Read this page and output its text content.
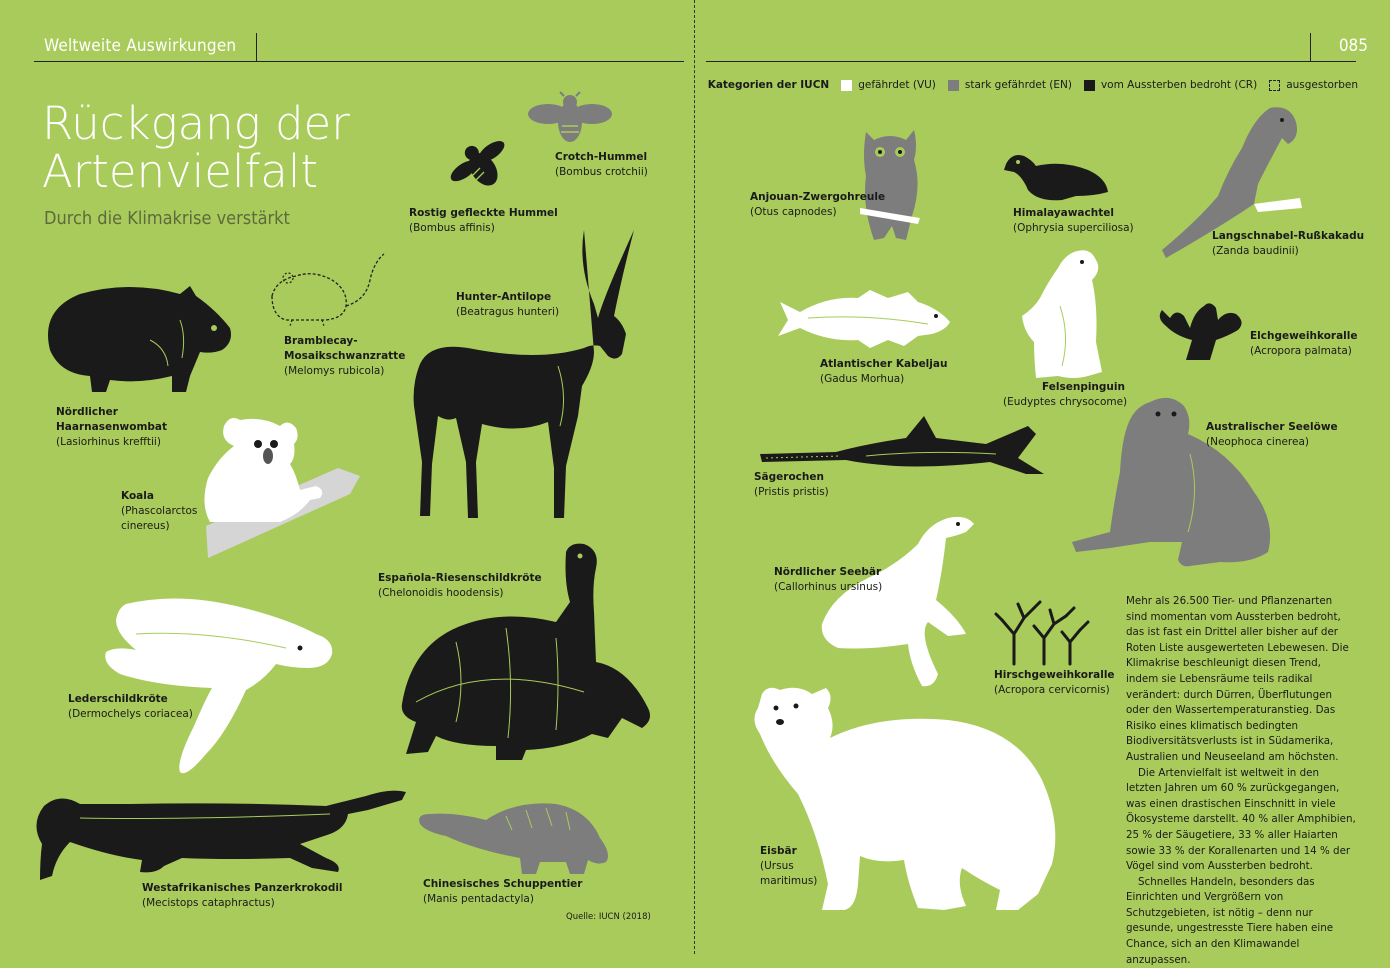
Weltweite Auswirkungen	085
Rückgang der
Artenvielfalt
Durch die Klimakrise verstärkt
Kategorien der IUCN	gefährdet (VU)	stark gefährdet (EN)	vom Aussterben bedroht (CR)	ausgestorben
Crotch-Hummel
(Bombus crotchii)
Rostig gefleckte Hummel
(Bombus affinis)
Bramblecay-
Mosaikschwanzratte
(Melomys rubicola)
Hunter-Antilope
(Beatragus hunteri)
Nördlicher
Haarnasenwombat
(Lasiorhinus krefftii)
Koala
(Phascolarctos
cinereus)
Española-Riesenschildkröte
(Chelonoidis hoodensis)
Lederschildkröte
(Dermochelys coriacea)
Westafrikanisches Panzerkrokodil
(Mecistops cataphractus)
Chinesisches Schuppentier
(Manis pentadactyla)
Quelle: IUCN (2018)
Anjouan-Zwergohreule
(Otus capnodes)	Himalayawachtel
(Ophrysia superciliosa)
Langschnabel-Rußkakadu
(Zanda baudinii)
Atlantischer Kabeljau
(Gadus Morhua)
Elchgeweihkoralle
(Acropora palmata)
Felsenpinguin
(Eudyptes chrysocome)
Australischer Seelöwe
(Neophoca cinerea)
Sägerochen
(Pristis pristis)
Nördlicher Seebär
(Callorhinus ursinus)
Hirschgeweihkoralle
(Acropora cervicornis)
Eisbär
(Ursus
maritimus)

Mehr als 26.500 Tier- und Pflanzenarten sind momentan vom Aussterben bedroht, das ist fast ein Drittel aller bisher auf der Roten Liste ausgewerteten Lebewesen. Die Klimakrise beschleunigt diesen Trend, indem sie Lebensräume teils radikal verändert: durch Dürren, Überflutungen oder den Wassertemperaturanstieg. Das Risiko eines klimatisch bedingten Biodiversitätsverlusts ist in Südamerika, Australien und Neuseeland am höchsten.

Die Artenvielfalt ist weltweit in den letzten Jahren um 60 % zurückgegangen, was einen drastischen Einschnitt in viele Ökosysteme darstellt. 40 % aller Amphibien, 25 % der Säugetiere, 33 % aller Haiarten sowie 33 % der Korallenarten und 14 % der Vögel sind vom Aussterben bedroht.

Schnelles Handeln, besonders das Einrichten und Vergrößern von Schutzgebieten, ist nötig – denn nur gesunde, ungestresste Tiere haben eine Chance, sich an den Klimawandel anzupassen.
